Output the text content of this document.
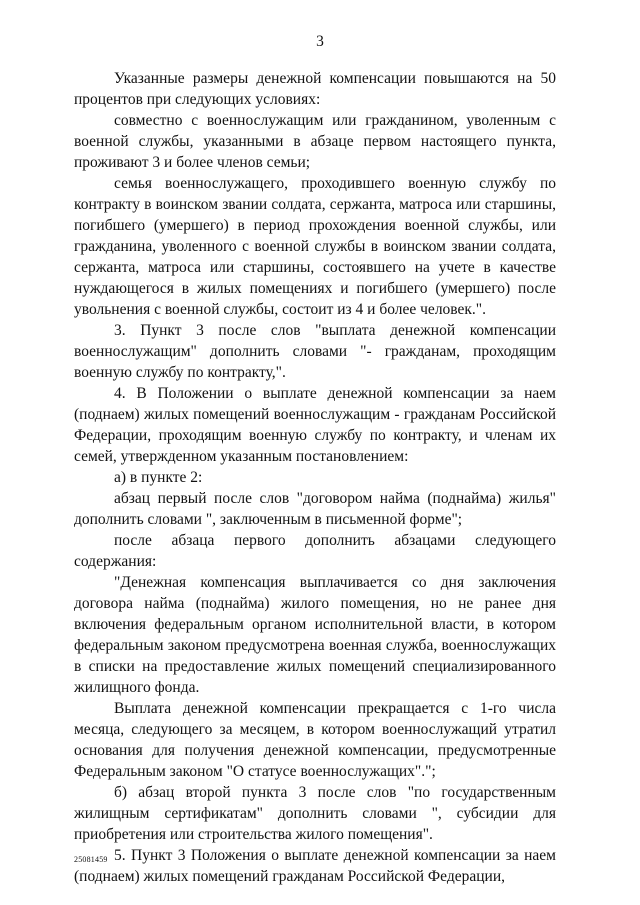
3

Указанные размеры денежной компенсации повышаются на 50 процентов при следующих условиях:

совместно с военнослужащим или гражданином, уволенным с военной службы, указанными в абзаце первом настоящего пункта, проживают 3 и более членов семьи;

семья военнослужащего, проходившего военную службу по контракту в воинском звании солдата, сержанта, матроса или старшины, погибшего (умершего) в период прохождения военной службы, или гражданина, уволенного с военной службы в воинском звании солдата, сержанта, матроса или старшины, состоявшего на учете в качестве нуждающегося в жилых помещениях и погибшего (умершего) после увольнения с военной службы, состоит из 4 и более человек.".

3. Пункт 3 после слов "выплата денежной компенсации военнослужащим" дополнить словами "- гражданам, проходящим военную службу по контракту,".

4. В Положении о выплате денежной компенсации за наем (поднаем) жилых помещений военнослужащим - гражданам Российской Федерации, проходящим военную службу по контракту, и членам их семей, утвержденном указанным постановлением:

а) в пункте 2:

абзац первый после слов "договором найма (поднайма) жилья" дополнить словами ", заключенным в письменной форме";

после абзаца первого дополнить абзацами следующего содержания:

"Денежная компенсация выплачивается со дня заключения договора найма (поднайма) жилого помещения, но не ранее дня включения федеральным органом исполнительной власти, в котором федеральным законом предусмотрена военная служба, военнослужащих в списки на предоставление жилых помещений специализированного жилищного фонда.

Выплата денежной компенсации прекращается с 1-го числа месяца, следующего за месяцем, в котором военнослужащий утратил основания для получения денежной компенсации, предусмотренные Федеральным законом "О статусе военнослужащих".";

б) абзац второй пункта 3 после слов "по государственным жилищным сертификатам" дополнить словами ", субсидии для приобретения или строительства жилого помещения".

5. Пункт 3 Положения о выплате денежной компенсации за наем (поднаем) жилых помещений гражданам Российской Федерации,

25081459
